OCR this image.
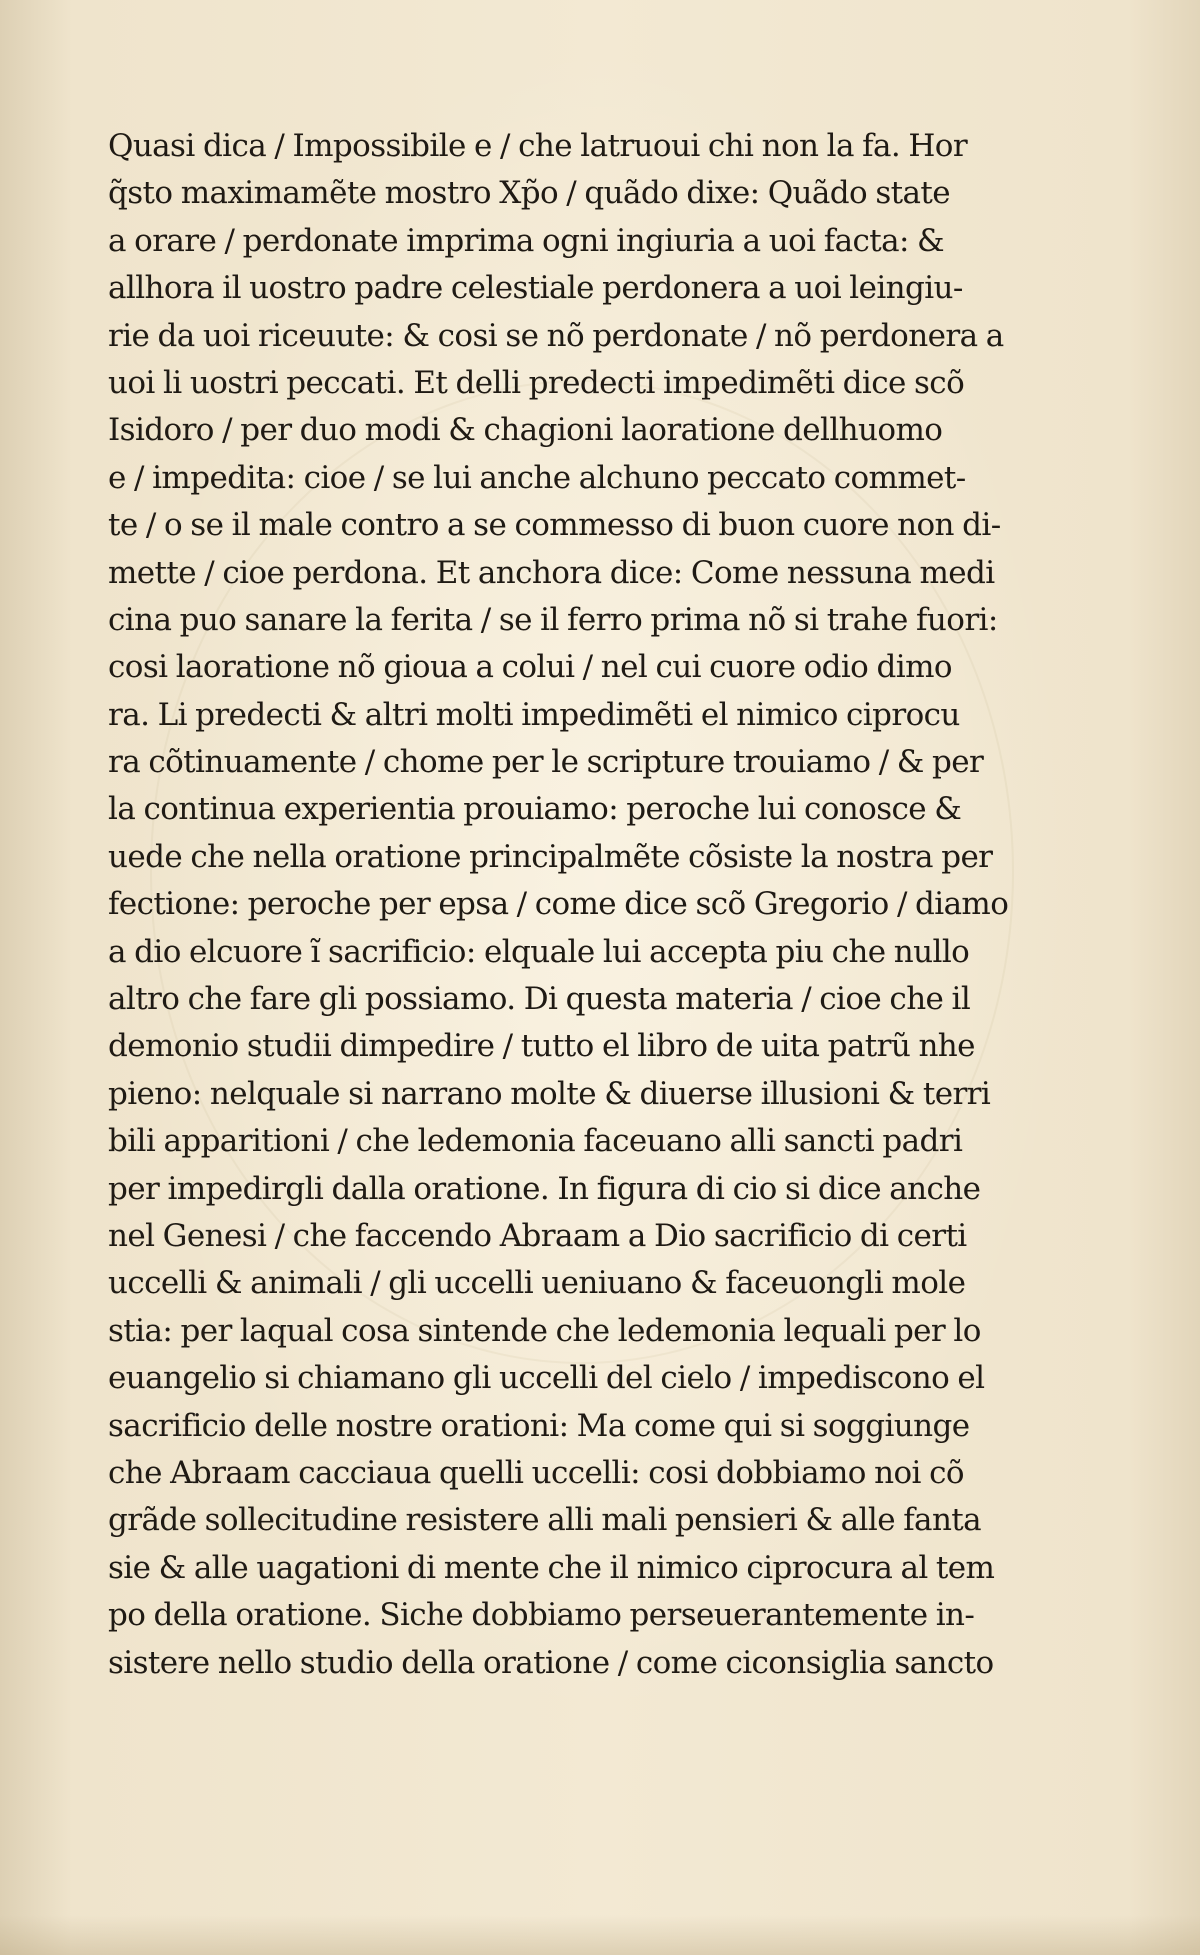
Quasi dica / Impossibile e / che latruoui chi non la fa. Hor
q̃sto maximamẽte mostro Xp̃o / quãdo dixe: Quãdo state
a orare / perdonate imprima ogni ingiuria a uoi facta: &
allhora il uostro padre celestiale perdonera a uoi leingiu-
rie da uoi riceuute: & cosi se nõ perdonate / nõ perdonera a
uoi li uostri peccati. Et delli predecti impedimẽti dice scõ
Isidoro / per duo modi & chagioni laoratione dellhuomo
e / impedita: cioe / se lui anche alchuno peccato commet-
te / o se il male contro a se commesso di buon cuore non di-
mette / cioe perdona. Et anchora dice: Come nessuna medi
cina puo sanare la ferita / se il ferro prima nõ si trahe fuori:
cosi laoratione nõ gioua a colui / nel cui cuore odio dimo
ra. Li predecti & altri molti impedimẽti el nimico ciprocu
ra cõtinuamente / chome per le scripture trouiamo / & per
la continua experientia prouiamo: peroche lui conosce &
uede che nella oratione principalmẽte cõsiste la nostra per
fectione: peroche per epsa / come dice scõ Gregorio / diamo
a dio elcuore ĩ sacrificio: elquale lui accepta piu che nullo
altro che fare gli possiamo. Di questa materia / cioe che il
demonio studii dimpedire / tutto el libro de uita patrũ nhe
pieno: nelquale si narrano molte & diuerse illusioni & terri
bili apparitioni / che ledemonia faceuano alli sancti padri
per impedirgli dalla oratione. In figura di cio si dice anche
nel Genesi / che faccendo Abraam a Dio sacrificio di certi
uccelli & animali / gli uccelli ueniuano & faceuongli mole
stia: per laqual cosa sintende che ledemonia lequali per lo
euangelio si chiamano gli uccelli del cielo / impediscono el
sacrificio delle nostre orationi: Ma come qui si soggiunge
che Abraam cacciaua quelli uccelli: cosi dobbiamo noi cõ
grãde sollecitudine resistere alli mali pensieri & alle fanta
sie & alle uagationi di mente che il nimico ciprocura al tem
po della oratione. Siche dobbiamo perseuerantemente in-
sistere nello studio della oratione / come ciconsiglia sancto
